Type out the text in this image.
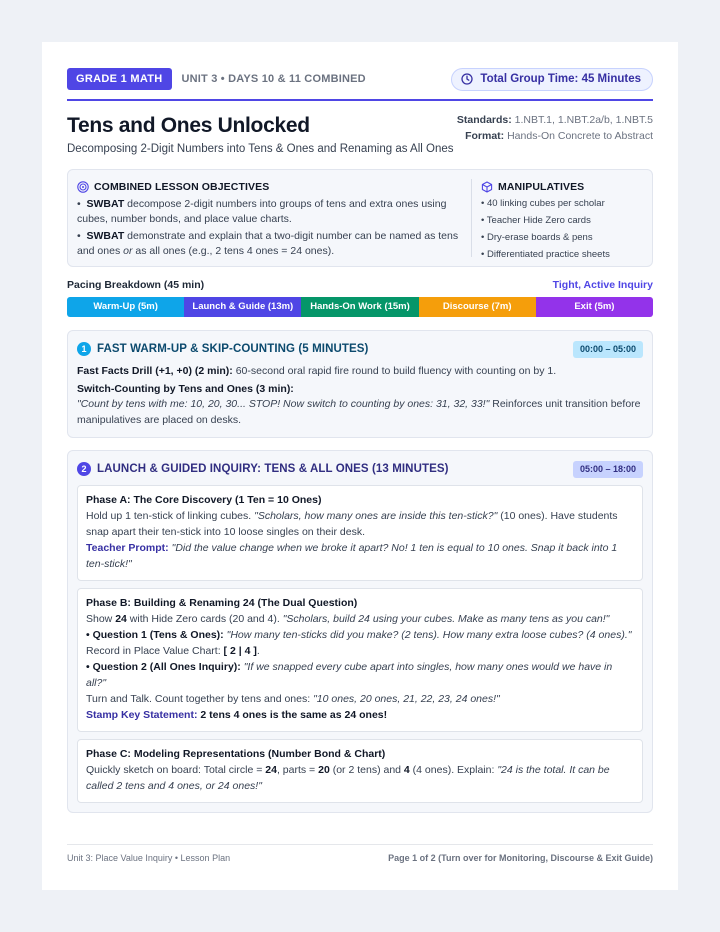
GRADE 1 MATH	UNIT 3 • DAYS 10 & 11 COMBINED	Total Group Time: 45 Minutes
Tens and Ones Unlocked
Decomposing 2-Digit Numbers into Tens & Ones and Renaming as All Ones
Standards: 1.NBT.1, 1.NBT.2a/b, 1.NBT.5
Format: Hands-On Concrete to Abstract
COMBINED LESSON OBJECTIVES
•  SWBAT decompose 2-digit numbers into groups of tens and extra ones using cubes, number bonds, and place value charts.
•  SWBAT demonstrate and explain that a two-digit number can be named as tens and ones or as all ones (e.g., 2 tens 4 ones = 24 ones).
MANIPULATIVES
• 40 linking cubes per scholar
• Teacher Hide Zero cards
• Dry-erase boards & pens
• Differentiated practice sheets
Pacing Breakdown (45 min)	Tight, Active Inquiry
Warm-Up (5m)	Launch & Guide (13m)	Hands-On Work (15m)	Discourse (7m)	Exit (5m)
1 FAST WARM-UP & SKIP-COUNTING (5 MINUTES)	00:00 – 05:00
Fast Facts Drill (+1, +0) (2 min): 60-second oral rapid fire round to build fluency with counting on by 1.
Switch-Counting by Tens and Ones (3 min):
"Count by tens with me: 10, 20, 30... STOP! Now switch to counting by ones: 31, 32, 33!" Reinforces unit transition before manipulatives are placed on desks.
2 LAUNCH & GUIDED INQUIRY: TENS & ALL ONES (13 MINUTES)	05:00 – 18:00
Phase A: The Core Discovery (1 Ten = 10 Ones)
Hold up 1 ten-stick of linking cubes. "Scholars, how many ones are inside this ten-stick?" (10 ones). Have students snap apart their ten-stick into 10 loose singles on their desk.
Teacher Prompt: "Did the value change when we broke it apart? No! 1 ten is equal to 10 ones. Snap it back into 1 ten-stick!"
Phase B: Building & Renaming 24 (The Dual Question)
Show 24 with Hide Zero cards (20 and 4). "Scholars, build 24 using your cubes. Make as many tens as you can!"
• Question 1 (Tens & Ones): "How many ten-sticks did you make? (2 tens). How many extra loose cubes? (4 ones)."
Record in Place Value Chart: [ 2 | 4 ].
• Question 2 (All Ones Inquiry): "If we snapped every cube apart into singles, how many ones would we have in all?"
Turn and Talk. Count together by tens and ones: "10 ones, 20 ones, 21, 22, 23, 24 ones!"
Stamp Key Statement: 2 tens 4 ones is the same as 24 ones!
Phase C: Modeling Representations (Number Bond & Chart)
Quickly sketch on board: Total circle = 24, parts = 20 (or 2 tens) and 4 (4 ones). Explain: "24 is the total. It can be called 2 tens and 4 ones, or 24 ones!"
Unit 3: Place Value Inquiry • Lesson Plan	Page 1 of 2 (Turn over for Monitoring, Discourse & Exit Guide)
